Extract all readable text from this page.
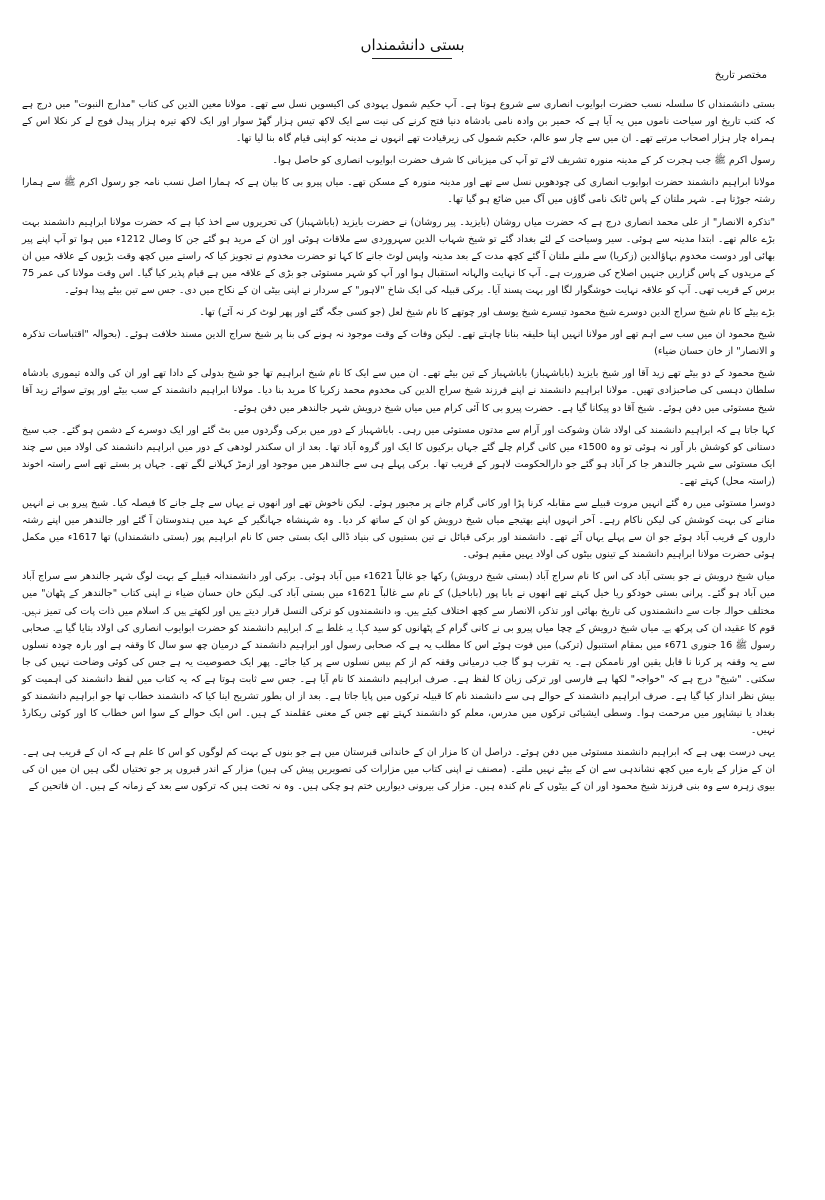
بستی دانشمنداں
مختصر تاریخ

بستی دانشمنداں کا سلسلہ نسب حضرت ابوایوب انصاری سے شروع ہوتا ہے۔ آپ حکیم شمول یہودی کی اکیسویں نسل سے تھے۔ مولانا معین الدین کی کتاب "مدارج النبوت" میں درج ہے کہ کتب تاریخ اور سیاحت ناموں میں یہ آیا ہے کہ حمیر بن وادہ نامی بادشاہ دنیا فتح کرنے کی نیت سے ایک لاکھ تیس ہزار گھڑ سوار اور ایک لاکھ تیرہ ہزار پیدل فوج لے کر نکلا اس کے ہمراہ چار ہزار اصحاب مرتبے تھے۔ ان میں سے چار سو عالم، حکیم شمول کی زیرقیادت تھے انہوں نے مدینہ کو اپنی قیام گاہ بنا لیا تھا۔

رسول اکرم ﷺ جب ہجرت کر کے مدینہ منورہ تشریف لائے تو آپ کی میزبانی کا شرف حضرت ابوایوب انصاری کو حاصل ہوا۔

مولانا ابراہیم دانشمند حضرت ابوایوب انصاری کی چودھویں نسل سے تھے اور مدینہ منورہ کے مسکن تھے۔ میاں پیرو بی کا بیان ہے کہ ہمارا اصل نسب نامہ جو رسول اکرم ﷺ سے ہمارا رشتہ جوڑتا ہے۔ شہر ملتان کے پاس ٹانک نامی گاؤں میں آگ میں ضائع ہو گیا تھا۔

"تذکرہ الانصار" از علی محمد انصاری درج ہے کہ حضرت میاں روشان (بایزید۔ پیر روشان) نے حضرت بایزید (باباشہباز) کی تحریروں سے اخذ کیا ہے کہ حضرت مولانا ابراہیم دانشمند بہت بڑے عالم تھے۔ ابتدا مدینہ سے ہوئی۔ سیر وسیاحت کے لئے بغداد گئے تو شیخ شہاب الدین سہروردی سے ملاقات ہوئی اور ان کے مرید ہو گئے جن کا وصال 1212ء میں ہوا تو آپ اپنے پیر بھائی اور دوست مخدوم بہاؤالدین (زکریا) سے ملنے ملتان آ گئے کچھ مدت کے بعد مدینہ واپس لوٹ جانے کا کہا تو حضرت مخدوم نے تجویز کیا کہ راستے میں کچھ وقت بڑیوں کے علاقہ میں ان کے مریدوں کے پاس گزاریں جنہیں اصلاح کی ضرورت ہے۔ آپ کا نہایت والہانہ استقبال ہوا اور آپ کو شہر مستوئی جو بڑی کے علاقہ میں ہے قیام پذیر کیا گیا۔ اس وقت مولانا کی عمر 75 برس کے قریب تھی۔ آپ کو علاقہ نہایت خوشگوار لگا اور بہت پسند آیا۔ برکی قبیلہ کی ایک شاخ "لاہور" کے سردار نے اپنی بیٹی ان کے نکاح میں دی۔ جس سے تین بیٹے پیدا ہوئے۔

بڑے بیٹے کا نام شیخ سراج الدین دوسرے شیخ محمود تیسرے شیخ یوسف اور چوتھے کا نام شیخ لعل (جو کسی جگہ گئے اور پھر لوٹ کر نہ آئے) تھا۔

شیخ محمود ان میں سب سے اہم تھے اور مولانا انہیں اپنا خلیفہ بنانا چاہتے تھے۔ لیکن وفات کے وقت موجود نہ ہونے کی بنا پر شیخ سراج الدین مسند خلافت ہوئے۔ (بحوالہ "اقتباسات تذکرہ و الانصار" از خان حسان ضیاء)

شیخ محمود کے دو بیٹے تھے زید آقا اور شیخ بایزید (باباشہباز) باباشہباز کے تین بیٹے تھے۔ ان میں سے ایک کا نام شیخ ابراہیم تھا جو شیخ بدولی کے دادا تھے اور ان کی والدہ تیموری بادشاہ سلطان دہسی کی صاحبزادی تھیں۔ مولانا ابراہیم دانشمند نے اپنے فرزند شیخ سراج الدین کی مخدوم محمد زکریا کا مرید بنا دیا۔ مولانا ابراہیم دانشمند کے سب بیٹے اور پوتے سوائے زید آقا شیخ مستوئی میں دفن ہوئے۔ شیخ آقا دو پیکانا گیا ہے۔ حضرت پیرو بی کا آئی کرام میں میاں شیخ درویش شہر جالندھر میں دفن ہوئے۔

کہا جاتا ہے کہ ابراہیم دانشمند کی اولاد شان وشوکت اور آرام سے مدتوں مستوئی میں رہی۔ باباشہباز کے دور میں برکی وگردوں میں بٹ گئے اور ایک دوسرے کے دشمن ہو گئے۔ جب سیخ دستانی کو کوشش بار آور نہ ہوئی تو وہ 1500ء میں کانی گرام چلے گئے جہاں برکیوں کا ایک اور گروہ آباد تھا۔ بعد از اں سکندر لودھی کے دور میں ابراہیم دانشمند کی اولاد میں سے چند ایک مستوئی سے شہر جالندھر جا کر آباد ہو گئے جو دارالحکومت لاہور کے قریب تھا۔ برکی پہلے ہی سے جالندھر میں موجود اور ازمڑ کہلانے لگے تھے۔ جہاں پر بستے تھے اسے راستہ اخوند (راستہ محل) کہتے تھے۔

دوسرا مستوئی میں رہ گئے انہیں مروت قبیلے سے مقابلہ کرنا پڑا اور کانی گرام جانے پر مجبور ہوئے۔ لیکن ناخوش تھے اور انھوں نے یہاں سے چلے جانے کا فیصلہ کیا۔ شیخ پیرو بی نے انہیں منانے کی بہت کوشش کی لیکن ناکام رہے۔ آخر انہوں اپنے بھتیجے میاں شیخ درویش کو ان کے ساتھ کر دیا۔ وہ شہنشاہ جہانگیر کے عہد میں ہندوستان آ گئے اور جالندھر میں اپنے رشتہ داروں کے قریب آباد ہوئے جو ان سے پہلے یہاں آئے تھے۔ دانشمند اور برکی قبائل نے تین بستیوں کی بنیاد ڈالی ایک بستی جس کا نام ابراہیم پور (بستی دانشمنداں) تھا 1617ء میں مکمل ہوئی حضرت مولانا ابراہیم دانشمند کے تینوں بیٹوں کی اولاد یہیں مقیم ہوئی۔

میاں شیخ درویش نے جو بستی آباد کی اس کا نام سراج آباد (بستی شیخ درویش) رکھا جو غالباً 1621ء میں آباد ہوئی۔ برکی اور دانشمندانہ قبیلے کے بہت لوگ شہر جالندھر سے سراج آباد میں آباد ہو گئے۔ پرانی بستی خودکو ریا خیل کہتے تھے انھوں نے بابا پور (باباخیل) کے نام سے غالباً 1621ء میں بستی آباد کی۔ لیکن خان حسان ضیاء نے اپنی کتاب "جالندھر کے پٹھان" میں مختلف حوالہ جات سے دانشمندوں کی تاریخ بھائی اور تذکرہ الانصار سے کچھ اختلاف کیئے ہیں۔ وہ دانشمندوں کو ترکی النسل قرار دیتے ہیں اور لکھتے ہیں کہ اسلام میں ذات پات کی تمیز نہیں۔ قوم کا عقیدہ ان کی پرکھ ہے۔ میاں شیخ درویش کے چچا میاں پیرو بی نے کانی گرام کے پٹھانوں کو سید کہا۔ یہ غلط ہے کہ ابراہیم دانشمند کو حضرت ابوایوب انصاری کی اولاد بتایا گیا ہے۔ صحابی رسول ﷺ 16 جنوری 671ء میں بمقام استنبول (ترکی) میں فوت ہوئے اس کا مطلب یہ ہے کہ صحابی رسول اور ابراہیم دانشمند کے درمیان چھ سو سال کا وقفہ ہے اور بارہ چودہ نسلوں سے یہ وقفہ پر کرنا نا قابل یقین اور ناممکن ہے۔ یہ تقرب ہو گا جب درمیانی وقفہ کم از کم بیس نسلوں سے پر کیا جائے۔ پھر ایک خصوصیت یہ ہے جس کی کوئی وضاحت نہیں کی جا سکتی۔ "شیخ" درج ہے کہ "خواجہ" لکھا ہے فارسی اور ترکی زبان کا لفظ ہے۔ صرف ابراہیم دانشمند کا نام آیا ہے۔ جس سے ثابت ہوتا ہے کہ یہ کتاب میں لفظ دانشمند کی اہمیت کو بیش نظر انداز کیا گیا ہے۔ صرف ابراہیم دانشمند کے حوالے ہی سے دانشمند نام کا قبیلہ ترکوں میں پایا جاتا ہے۔ بعد از اں بطور تشریح اینا کیا کہ دانشمند خطاب تھا جو ابراہیم دانشمند کو بغداد یا نیشاپور میں مرحمت ہوا۔ وسطی ایشیائی ترکوں میں مدرس، معلم کو دانشمند کہتے تھے جس کے معنی عقلمند کے ہیں۔ اس ایک حوالے کے سوا اس خطاب کا اور کوئی ریکارڈ نہیں۔

یہی درست بھی ہے کہ ابراہیم دانشمند مستوئی میں دفن ہوئے۔ دراصل ان کا مزار ان کے خاندانی قبرستان میں ہے جو بنوں کے بہت کم لوگوں کو اس کا علم ہے کہ ان کے قریب ہی ہے۔ ان کے مزار کے بارے میں کچھ نشاندہی سے ان کے بیٹے نہیں ملتے۔ (مصنف نے اپنی کتاب میں مزارات کی تصویریں پیش کی ہیں) مزار کے اندر قبروں پر جو تختیاں لگی ہیں ان میں ان کی بیوی زہرہ سے وہ بنی فرزند شیخ محمود اور ان کے بیٹوں کے نام کندہ ہیں۔ مزار کی بیرونی دیواریں ختم ہو چکی ہیں۔ وہ نہ تخت ہیں کہ ترکوں سے بعد کے زمانہ کے ہیں۔ ان فاتحین کے
